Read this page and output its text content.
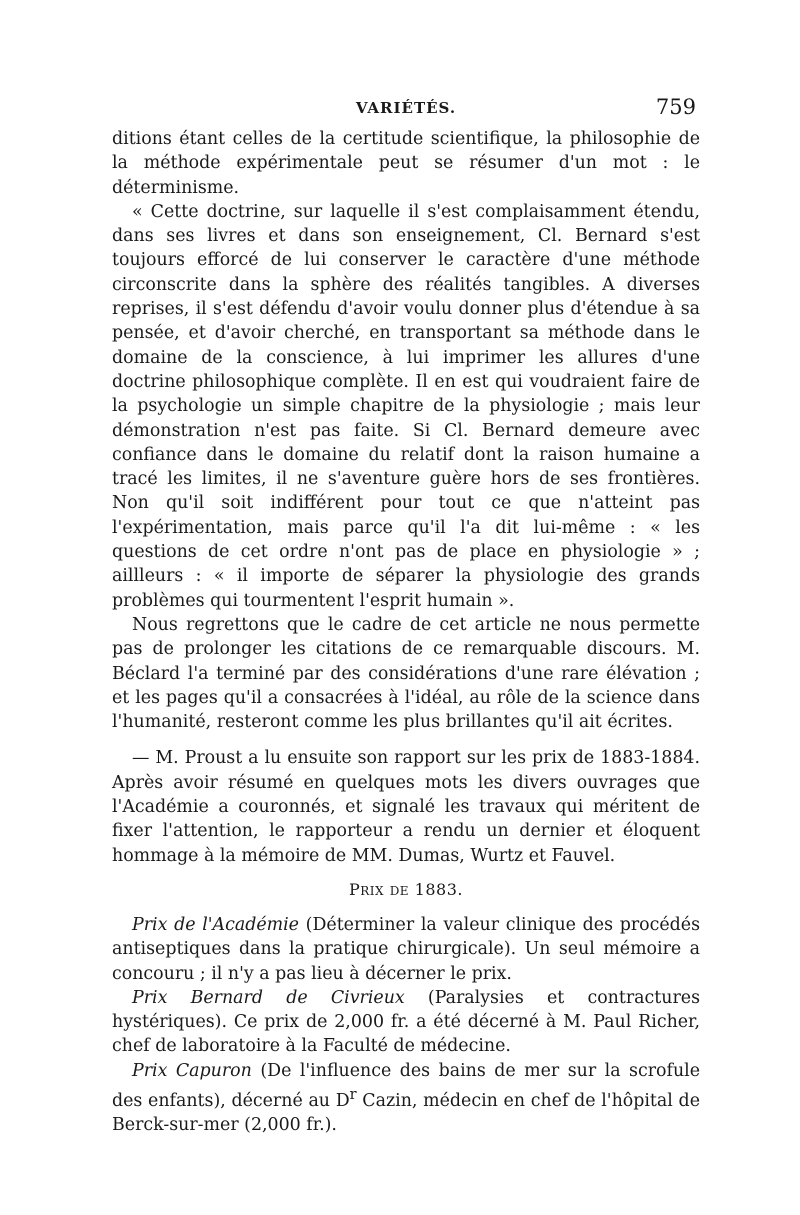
VARIÉTÉS.	759

ditions étant celles de la certitude scientifique, la philosophie de la méthode expérimentale peut se résumer d'un mot : le déterminisme.

« Cette doctrine, sur laquelle il s'est complaisamment étendu, dans ses livres et dans son enseignement, Cl. Bernard s'est toujours efforcé de lui conserver le caractère d'une méthode circonscrite dans la sphère des réalités tangibles. A diverses reprises, il s'est défendu d'avoir voulu donner plus d'étendue à sa pensée, et d'avoir cherché, en transportant sa méthode dans le domaine de la conscience, à lui imprimer les allures d'une doctrine philosophique complète. Il en est qui voudraient faire de la psychologie un simple chapitre de la physiologie ; mais leur démonstration n'est pas faite. Si Cl. Bernard demeure avec confiance dans le domaine du relatif dont la raison humaine a tracé les limites, il ne s'aventure guère hors de ses frontières. Non qu'il soit indifférent pour tout ce que n'atteint pas l'expérimentation, mais parce qu'il l'a dit lui-même : « les questions de cet ordre n'ont pas de place en physiologie » ; aillleurs : « il importe de séparer la physiologie des grands problèmes qui tourmentent l'esprit humain ».

Nous regrettons que le cadre de cet article ne nous permette pas de prolonger les citations de ce remarquable discours. M. Béclard l'a terminé par des considérations d'une rare élévation ; et les pages qu'il a consacrées à l'idéal, au rôle de la science dans l'humanité, resteront comme les plus brillantes qu'il ait écrites.

— M. Proust a lu ensuite son rapport sur les prix de 1883-1884. Après avoir résumé en quelques mots les divers ouvrages que l'Académie a couronnés, et signalé les travaux qui méritent de fixer l'attention, le rapporteur a rendu un dernier et éloquent hommage à la mémoire de MM. Dumas, Wurtz et Fauvel.

PRIX DE 1883.

Prix de l'Académie (Déterminer la valeur clinique des procédés antiseptiques dans la pratique chirurgicale). Un seul mémoire a concouru ; il n'y a pas lieu à décerner le prix.

Prix Bernard de Civrieux (Paralysies et contractures hystériques). Ce prix de 2,000 fr. a été décerné à M. Paul Richer, chef de laboratoire à la Faculté de médecine.

Prix Capuron (De l'influence des bains de mer sur la scrofule des enfants), décerné au $D^r$ Cazin, médecin en chef de l'hôpital de Berck-sur-mer (2,000 fr.).
